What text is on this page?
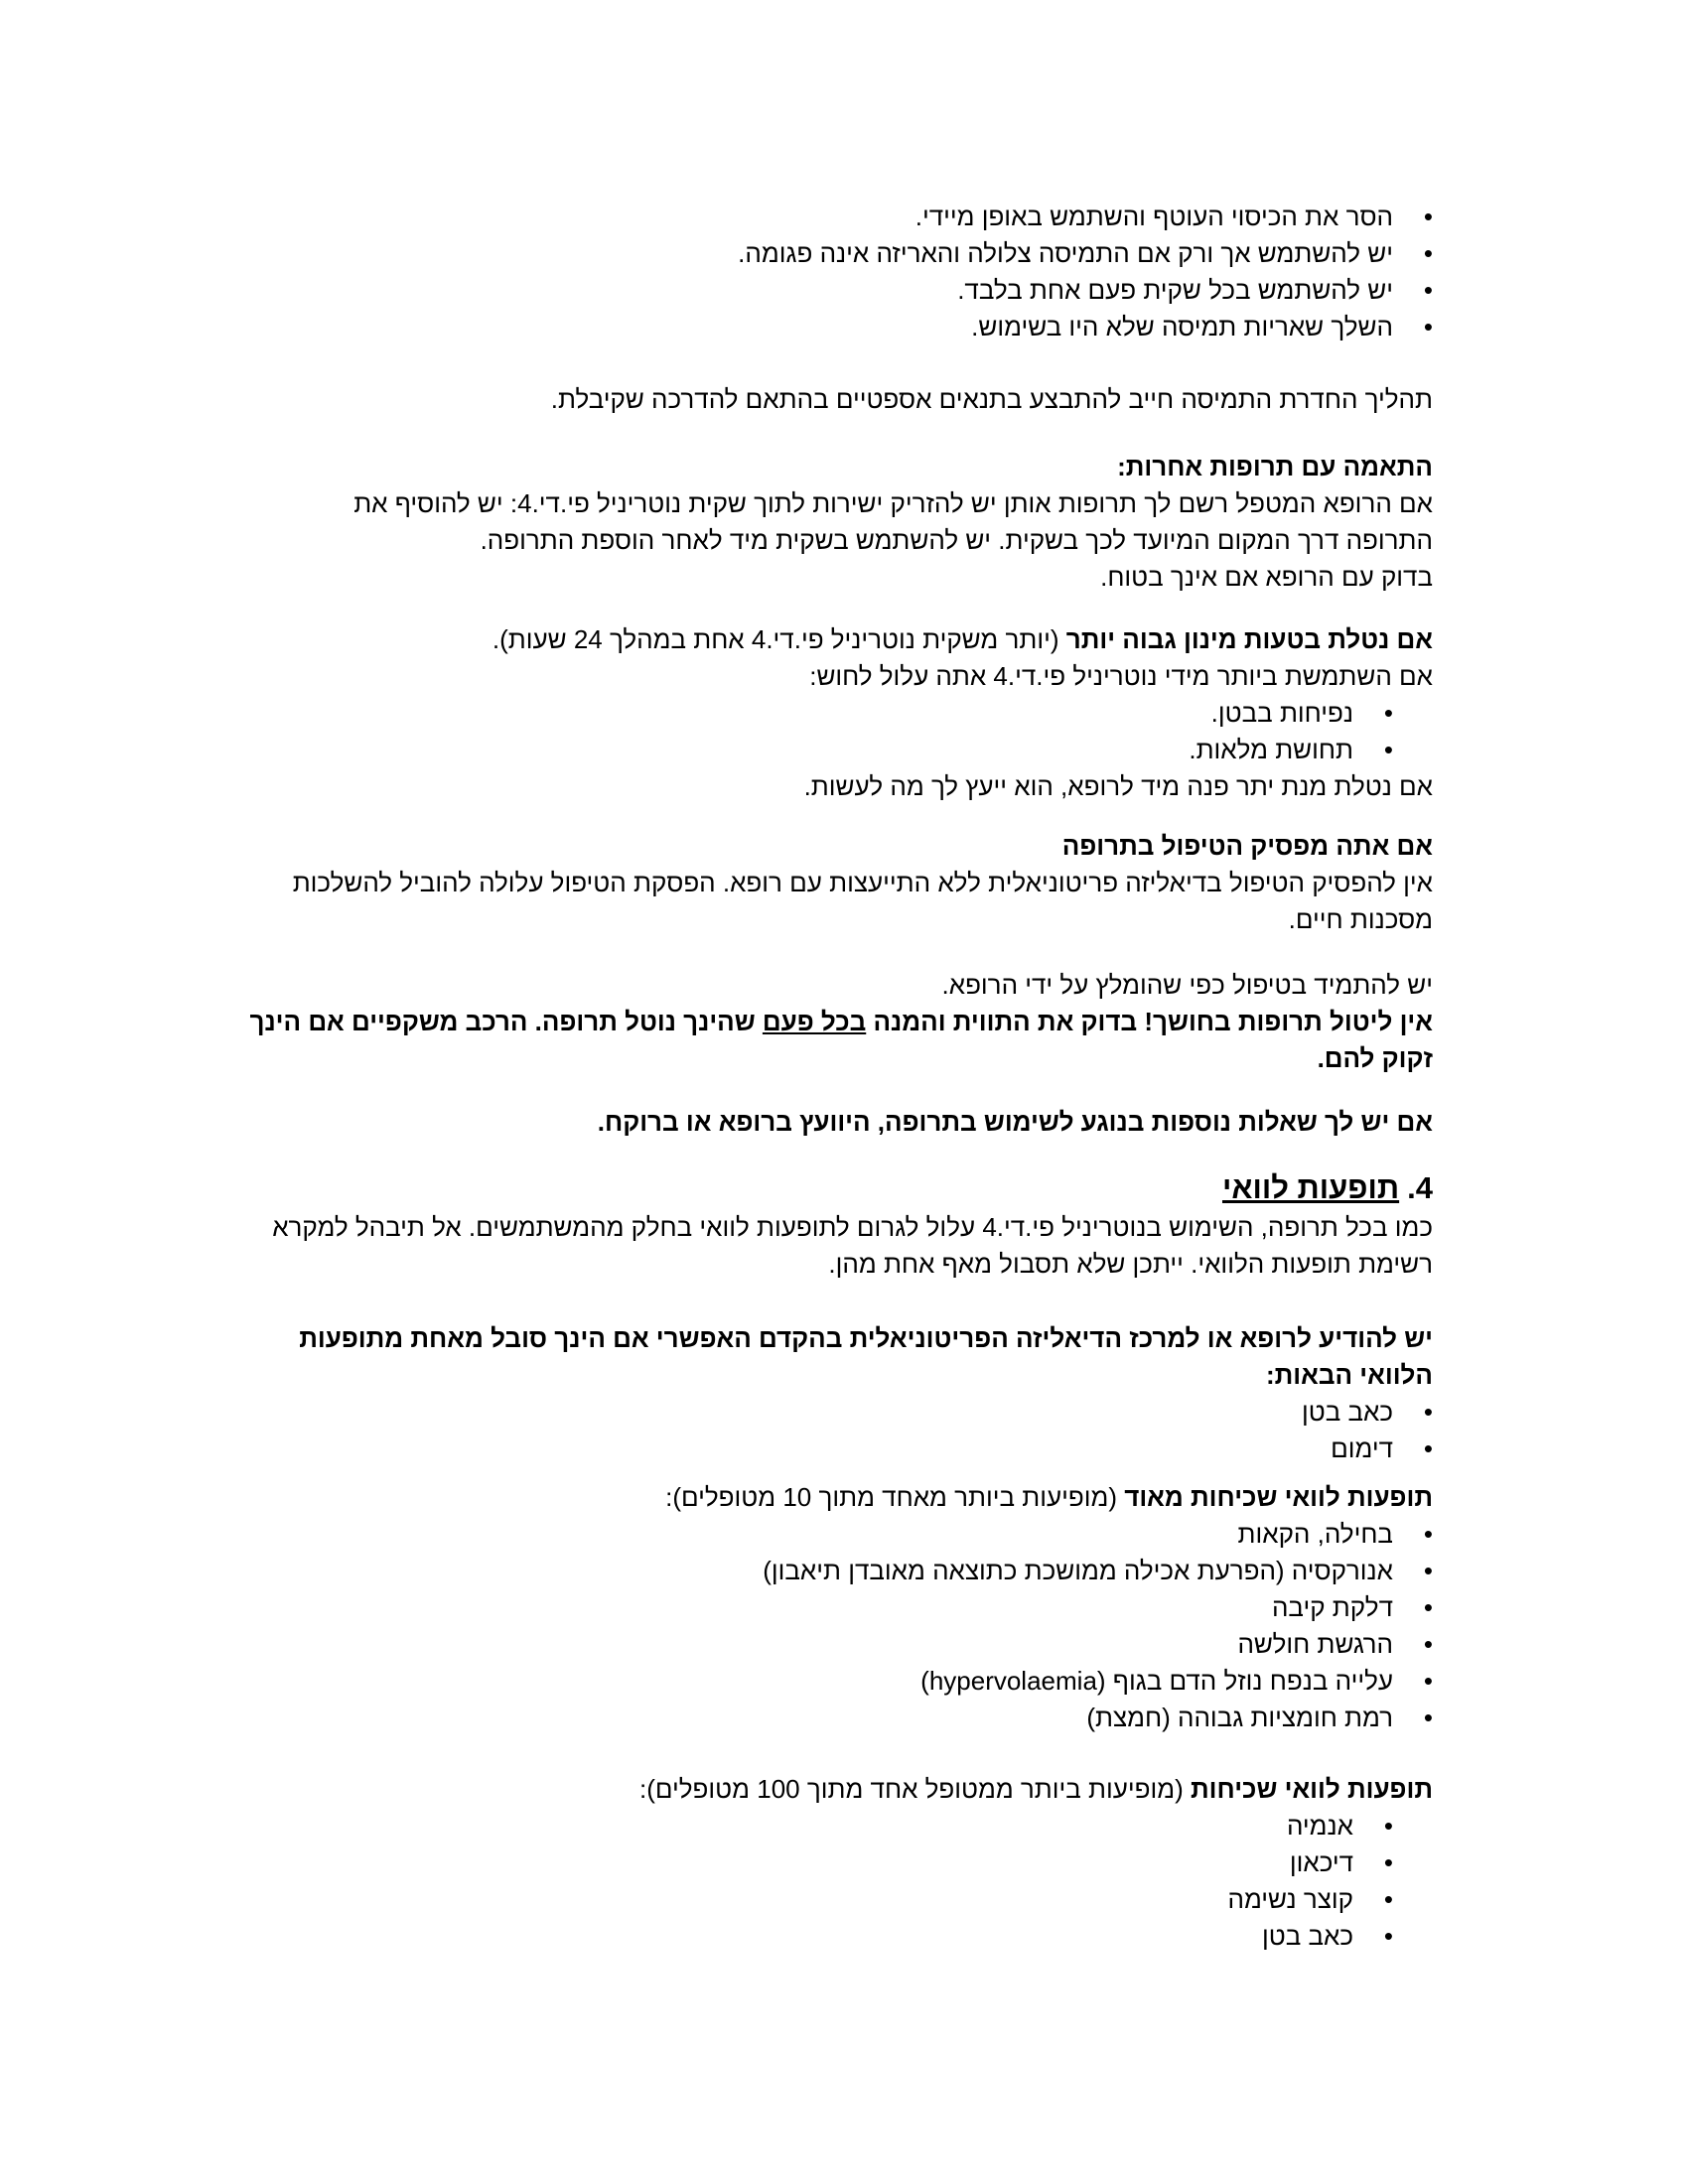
• הסר את הכיסוי העוטף והשתמש באופן מיידי.
• יש להשתמש אך ורק אם התמיסה צלולה והאריזה אינה פגומה.
• יש להשתמש בכל שקית פעם אחת בלבד.
• השלך שאריות תמיסה שלא היו בשימוש.

תהליך החדרת התמיסה חייב להתבצע בתנאים אספטיים בהתאם להדרכה שקיבלת.

התאמה עם תרופות אחרות:

אם הרופא המטפל רשם לך תרופות אותן יש להזריק ישירות לתוך שקית נוטריניל פי.די.4: יש להוסיף את

התרופה דרך המקום המיועד לכך בשקית. יש להשתמש בשקית מיד לאחר הוספת התרופה.

בדוק עם הרופא אם אינך בטוח.

אם נטלת בטעות מינון גבוה יותר (יותר משקית נוטריניל פי.די.4 אחת במהלך 24 שעות).

אם השתמשת ביותר מידי נוטריניל פי.די.4 אתה עלול לחוש:

• נפיחות בבטן.
• תחושת מלאות.

אם נטלת מנת יתר פנה מיד לרופא, הוא ייעץ לך מה לעשות.

אם אתה מפסיק הטיפול בתרופה

אין להפסיק הטיפול בדיאליזה פריטוניאלית ללא התייעצות עם רופא. הפסקת הטיפול עלולה להוביל להשלכות

מסכנות חיים.

יש להתמיד בטיפול כפי שהומלץ על ידי הרופא.

אין ליטול תרופות בחושך! בדוק את התווית והמנה בכל פעם שהינך נוטל תרופה. הרכב משקפיים אם הינך

זקוק להם.

אם יש לך שאלות נוספות בנוגע לשימוש בתרופה, היוועץ ברופא או ברוקח.

4.תופעות לוואי

כמו בכל תרופה, השימוש בנוטריניל פי.די.4 עלול לגרום לתופעות לוואי בחלק מהמשתמשים. אל תיבהל למקרא

רשימת תופעות הלוואי. ייתכן שלא תסבול מאף אחת מהן.

יש להודיע לרופא או למרכז הדיאליזה הפריטוניאלית בהקדם האפשרי אם הינך סובל מאחת מתופעות

הלוואי הבאות:

• כאב בטן
• דימום

תופעות לוואי שכיחות מאוד (מופיעות ביותר מאחד מתוך 10 מטופלים):

• בחילה, הקאות
• אנורקסיה (הפרעת אכילה ממושכת כתוצאה מאובדן תיאבון)
• דלקת קיבה
• הרגשת חולשה
• עלייה בנפח נוזל הדם בגוף (hypervolaemia)
• רמת חומציות גבוהה (חמצת)

תופעות לוואי שכיחות (מופיעות ביותר ממטופל אחד מתוך 100 מטופלים):

• אנמיה
• דיכאון
• קוצר נשימה
• כאב בטן
